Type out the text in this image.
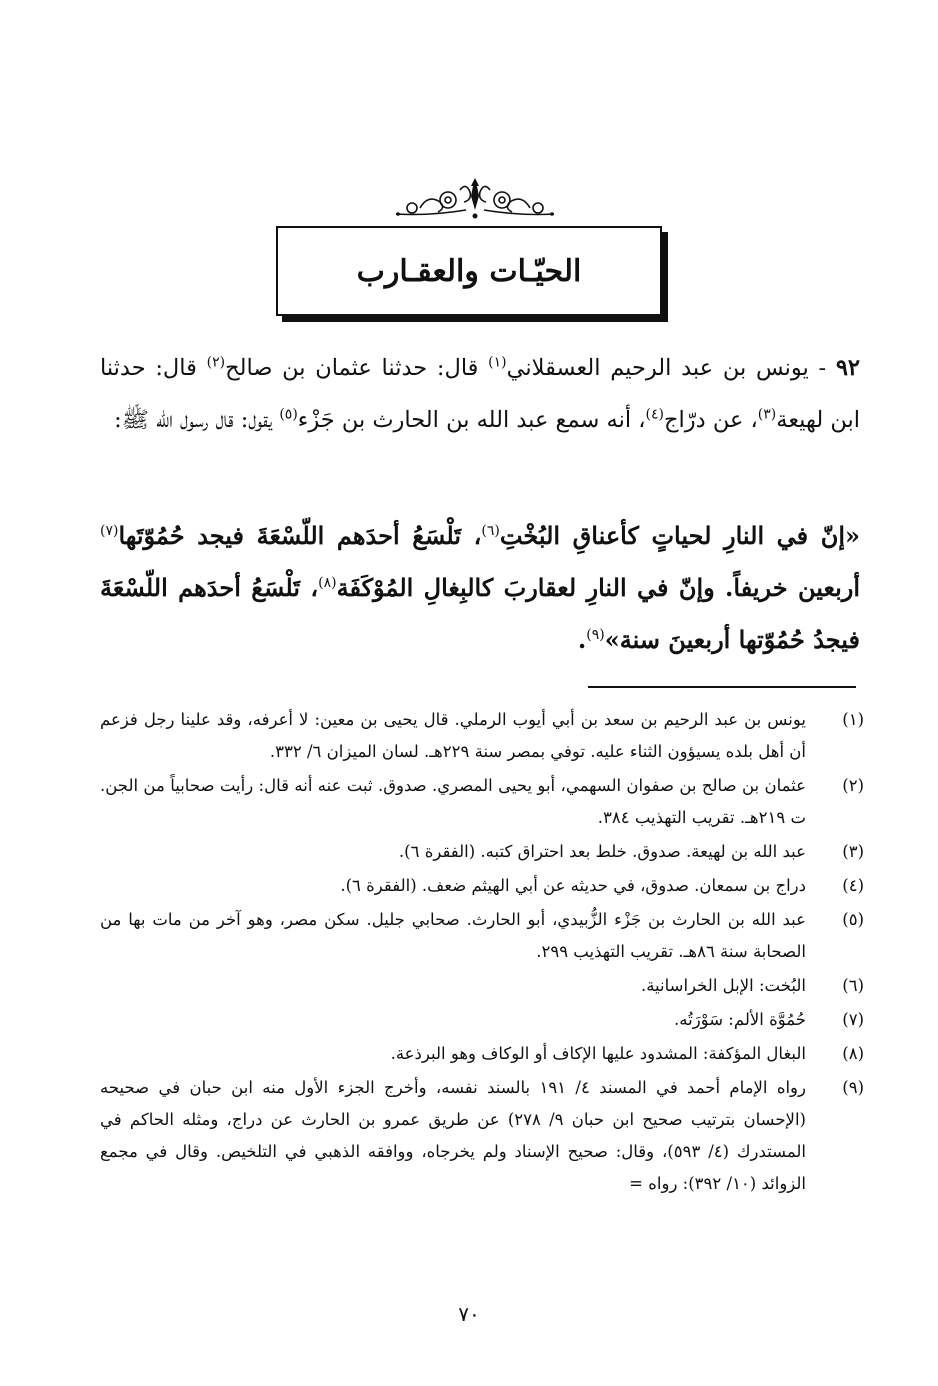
الحيّـات والعقـارب
٩٢ - يونس بن عبد الرحيم العسقلاني$^{(١)}$ قال: حدثنا عثمان بن صالح$^{(٢)}$ قال: حدثنا ابن لهيعة$^{(٣)}$، عن درّاج$^{(٤)}$، أنه سمع عبد الله بن الحارث بن جَزْء$^{(٥)}$ يقول: قال رسول الله ﷺ:
«إنّ في النارِ لحياتٍ كأعناقِ البُخْتِ$^{(٦)}$، تَلْسَعُ أحدَهم اللّسْعَةَ فيجد حُمُوّتَها$^{(٧)}$ أربعين خريفاً. وإنّ في النارِ لعقاربَ كالبِغالِ المُوْكَفَة$^{(٨)}$، تَلْسَعُ أحدَهم اللّسْعَةَ فيجدُ حُمُوّتها أربعينَ سنة»$^{(٩)}$.
(١)
يونس بن عبد الرحيم بن سعد بن أبي أيوب الرملي. قال يحيى بن معين: لا أعرفه، وقد علينا رجل فزعم أن أهل بلده يسيؤون الثناء عليه. توفي بمصر سنة ٢٢٩هـ. لسان الميزان ٦/ ٣٣٢.
(٢)
عثمان بن صالح بن صفوان السهمي، أبو يحيى المصري. صدوق. ثبت عنه أنه قال: رأيت صحابياً من الجن. ت ٢١٩هـ. تقريب التهذيب ٣٨٤.
(٣)
عبد الله بن لهيعة. صدوق. خلط بعد احتراق كتبه. (الفقرة ٦).
(٤)
دراج بن سمعان. صدوق، في حديثه عن أبي الهيثم ضعف. (الفقرة ٦).
(٥)
عبد الله بن الحارث بن جَزْء الزُّبيدي، أبو الحارث. صحابي جليل. سكن مصر، وهو آخر من مات بها من الصحابة سنة ٨٦هـ. تقريب التهذيب ٢٩٩.
(٦)
البُخت: الإبل الخراسانية.
(٧)
حُمُوَّة الألم: سَوْرَتُه.
(٨)
البغال المؤكفة: المشدود عليها الإكاف أو الوكاف وهو البرذعة.
(٩)
رواه الإمام أحمد في المسند ٤/ ١٩١ بالسند نفسه، وأخرج الجزء الأول منه ابن حبان في صحيحه (الإحسان بترتيب صحيح ابن حبان ٩/ ٢٧٨) عن طريق عمرو بن الحارث عن دراج، ومثله الحاكم في المستدرك (٤/ ٥٩٣)، وقال: صحيح الإسناد ولم يخرجاه، ووافقه الذهبي في التلخيص. وقال في مجمع الزوائد (١٠/ ٣٩٢): رواه =
٧٠
